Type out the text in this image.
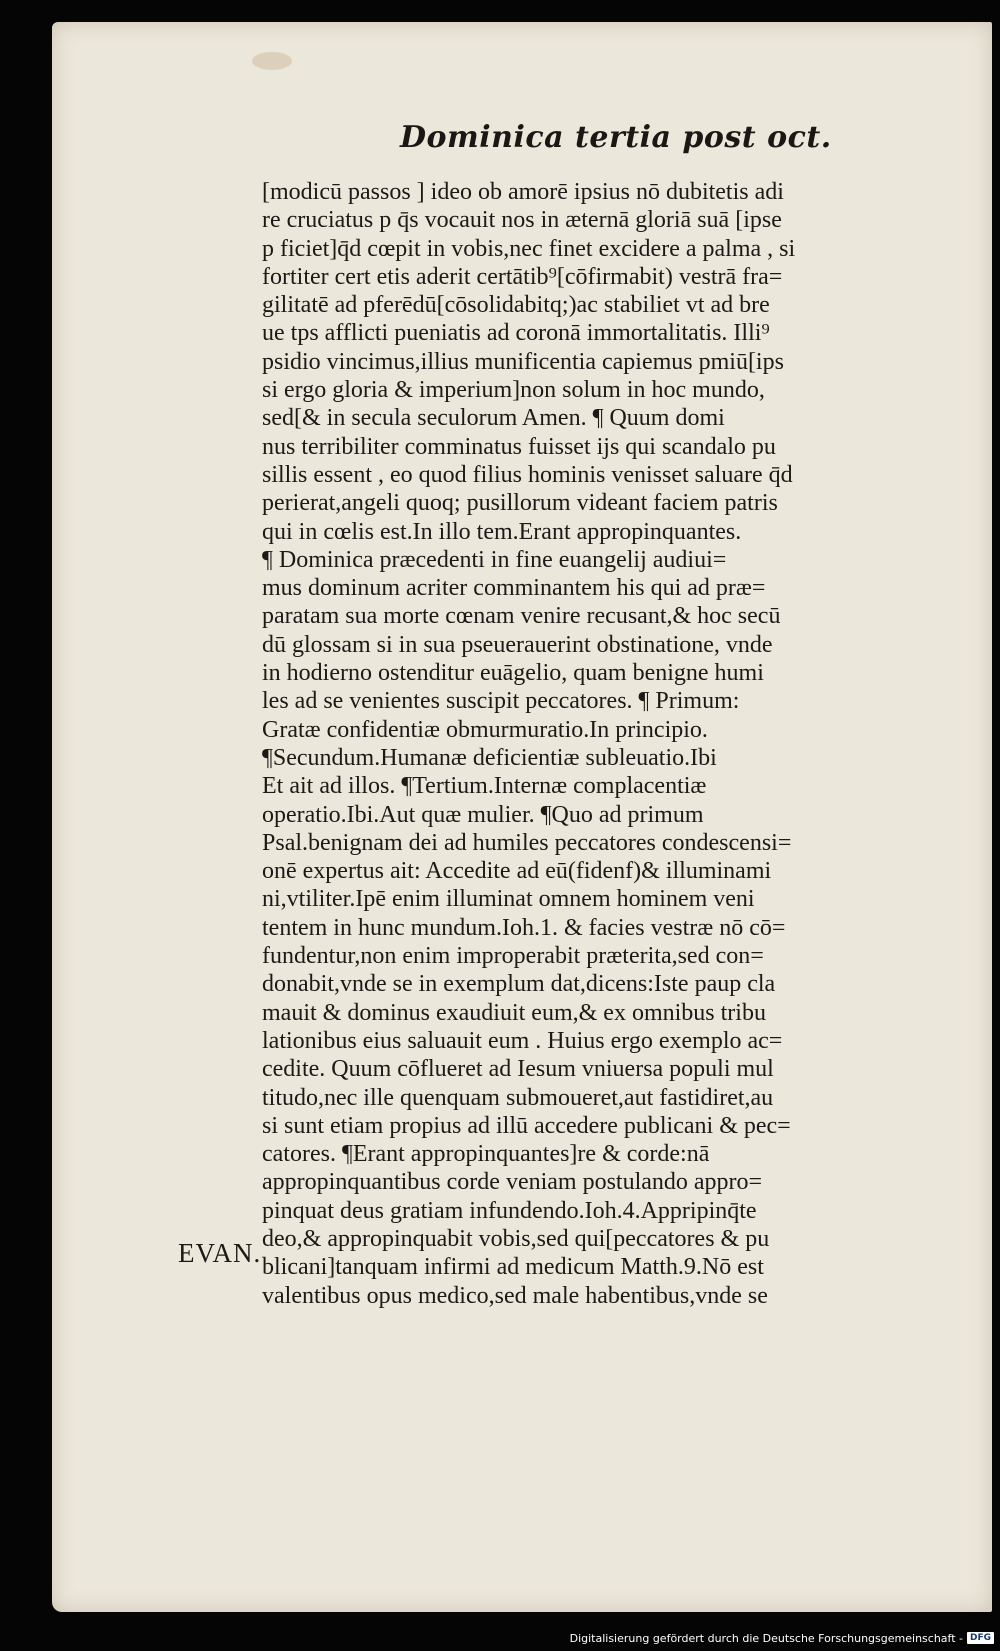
Dominica tertia post oct.
[modicū passos ] ideo ob amorē ipsius nō dubitetis adi
re cruciatus p q̄s vocauit nos in æternā gloriā suā [ipse
p ficiet]q̄d cœpit in vobis,nec finet excidere a palma , si
fortiter cert etis aderit certātib⁹[cōfirmabit) vestrā fra=
gilitatē ad pferēdū[cōsolidabitq;)ac stabiliet vt ad bre
ue tps afflicti pueniatis ad coronā immortalitatis. Illi⁹
psidio vincimus,illius munificentia capiemus pmiū[ips
si ergo gloria & imperium]non solum in hoc mundo,
sed[& in secula seculorum Amen. ¶ Quum domi
nus terribiliter comminatus fuisset ijs qui scandalo pu
sillis essent , eo quod filius hominis venisset saluare q̄d
perierat,angeli quoq; pusillorum videant faciem patris
qui in cœlis est.In illo tem.Erant appropinquantes.
¶ Dominica præcedenti in fine euangelij audiui=
mus dominum acriter comminantem his qui ad præ=
paratam sua morte cœnam venire recusant,& hoc secū
dū glossam si in sua pseuerauerint obstinatione, vnde
in hodierno ostenditur euāgelio, quam benigne humi
les ad se venientes suscipit peccatores. ¶ Primum:
Gratæ confidentiæ obmurmuratio.In principio.
¶Secundum.Humanæ deficientiæ subleuatio.Ibi
Et ait ad illos. ¶Tertium.Internæ complacentiæ
operatio.Ibi.Aut quæ mulier. ¶Quo ad primum
Psal.benignam dei ad humiles peccatores condescensi=
onē expertus ait: Accedite ad eū(fidenf)& illuminami
ni,vtiliter.Ipē enim illuminat omnem hominem veni
tentem in hunc mundum.Ioh.1. & facies vestræ nō cō=
fundentur,non enim improperabit præterita,sed con=
donabit,vnde se in exemplum dat,dicens:Iste paup cla
mauit & dominus exaudiuit eum,& ex omnibus tribu
lationibus eius saluauit eum . Huius ergo exemplo ac=
cedite. Quum cōflueret ad Iesum vniuersa populi mul
titudo,nec ille quenquam submoueret,aut fastidiret,au
si sunt etiam propius ad illū accedere publicani & pec=
catores. ¶Erant appropinquantes]re & corde:nā
appropinquantibus corde veniam postulando appro=
pinquat deus gratiam infundendo.Ioh.4.Appripinq̄te
deo,& appropinquabit vobis,sed qui[peccatores & pu
blicani]tanquam infirmi ad medicum Matth.9.Nō est
valentibus opus medico,sed male habentibus,vnde se
EVAN.
Digitalisierung gefördert durch die Deutsche Forschungsgemeinschaft - DFG
